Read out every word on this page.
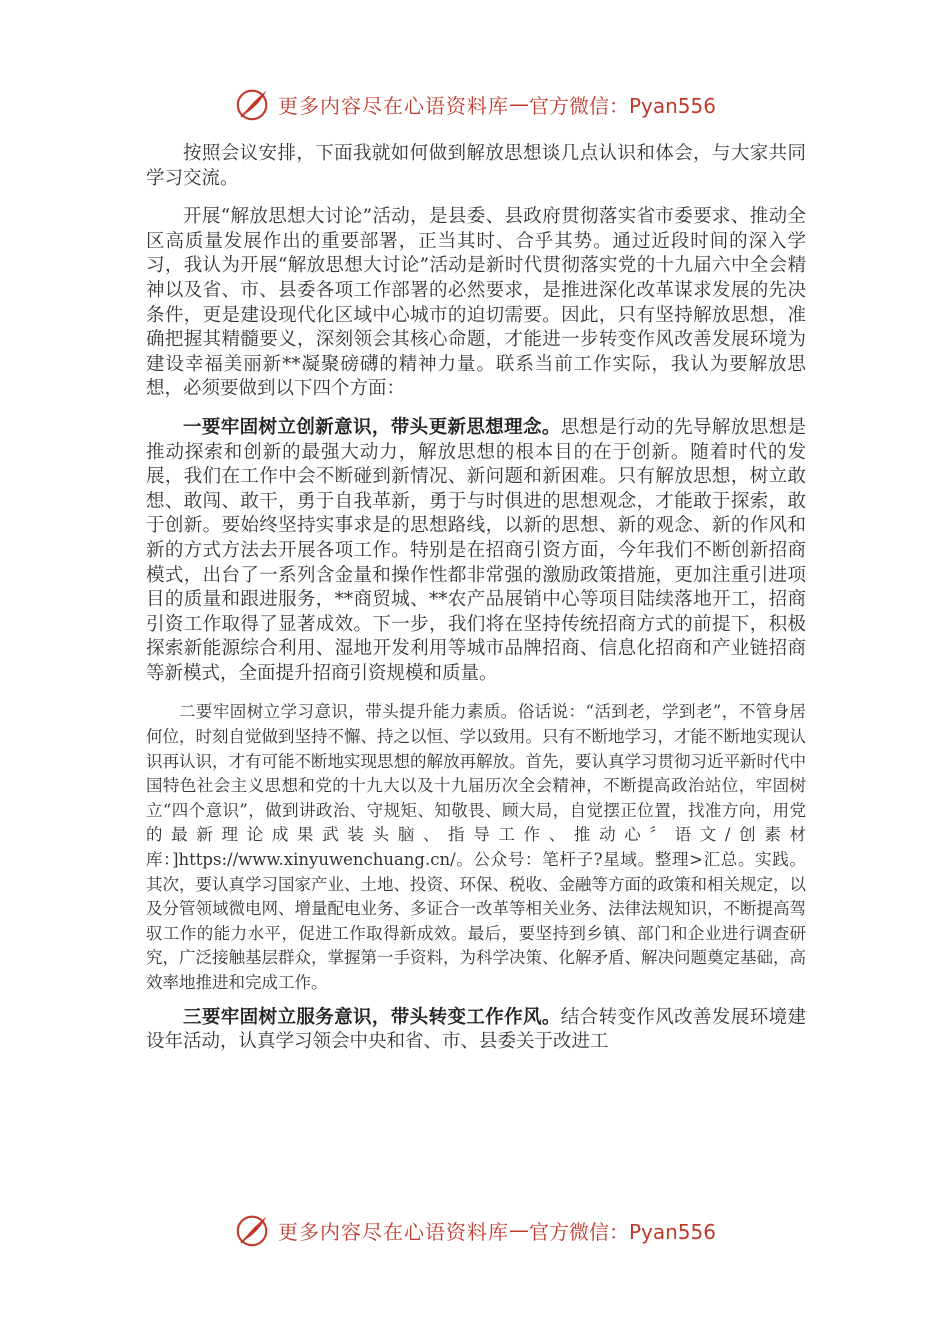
更多内容尽在心语资料库 — 官方微信：Pyan556

按照会议安排，下面我就如何做到解放思想谈几点认识和体会，与大家共同学习交流。

开展“解放思想大讨论”活动，是县委、县政府贯彻落实省市委要求、推动全区高质量发展作出的重要部署，正当其时、合乎其势。通过近段时间的深入学习，我认为开展“解放思想大讨论”活动是新时代贯彻落实党的十九届六中全会精神以及省、市、县委各项工作部署的必然要求，是推进深化改革谋求发展的先决条件，更是建设现代化区域中心城市的迫切需要。因此，只有坚持解放思想，准确把握其精髓要义，深刻领会其核心命题，才能进一步转变作风改善发展环境为建设幸福美丽新**凝聚磅礴的精神力量。联系当前工作实际，我认为要解放思想，必须要做到以下四个方面：

一要牢固树立创新意识，带头更新思想理念。思想是行动的先导解放思想是推动探索和创新的最强大动力，解放思想的根本目的在于创新。随着时代的发展，我们在工作中会不断碰到新情况、新问题和新困难。只有解放思想，树立敢想、敢闯、敢干，勇于自我革新，勇于与时俱进的思想观念，才能敢于探索，敢于创新。要始终坚持实事求是的思想路线，以新的思想、新的观念、新的作风和新的方式方法去开展各项工作。特别是在招商引资方面，今年我们不断创新招商模式，出台了一系列含金量和操作性都非常强的激励政策措施，更加注重引进项目的质量和跟进服务，**商贸城、**农产品展销中心等项目陆续落地开工，招商引资工作取得了显著成效。下一步，我们将在坚持传统招商方式的前提下，积极探索新能源综合利用、湿地开发利用等城市品牌招商、信息化招商和产业链招商等新模式，全面提升招商引资规模和质量。

二要牢固树立学习意识，带头提升能力素质。俗话说：“活到老，学到老”，不管身居何位，时刻自觉做到坚持不懈、持之以恒、学以致用。只有不断地学习，才能不断地实现认识再认识，才有可能不断地实现思想的解放再解放。首先，要认真学习贯彻习近平新时代中国特色社会主义思想和党的十九大以及十九届历次全会精神，不断提高政治站位，牢固树立“四个意识”，做到讲政治、守规矩、知敬畏、顾大局，自觉摆正位置，找准方向，用党的最新理论成果武装头脑、指导工作、推动心〞语文/创素材库：]https://www.xinyuwenchuang.cn/。公众号：笔杆子?星域。整理>汇总。实践。其次，要认真学习国家产业、土地、投资、环保、税收、金融等方面的政策和相关规定，以及分管领域微电网、增量配电业务、多证合一改革等相关业务、法律法规知识，不断提高驾驭工作的能力水平，促进工作取得新成效。最后，要坚持到乡镇、部门和企业进行调查研究，广泛接触基层群众，掌握第一手资料，为科学决策、化解矛盾、解决问题奠定基础，高效率地推进和完成工作。

三要牢固树立服务意识，带头转变工作作风。结合转变作风改善发展环境建设年活动，认真学习领会中央和省、市、县委关于改进工

更多内容尽在心语资料库 — 官方微信：Pyan556
